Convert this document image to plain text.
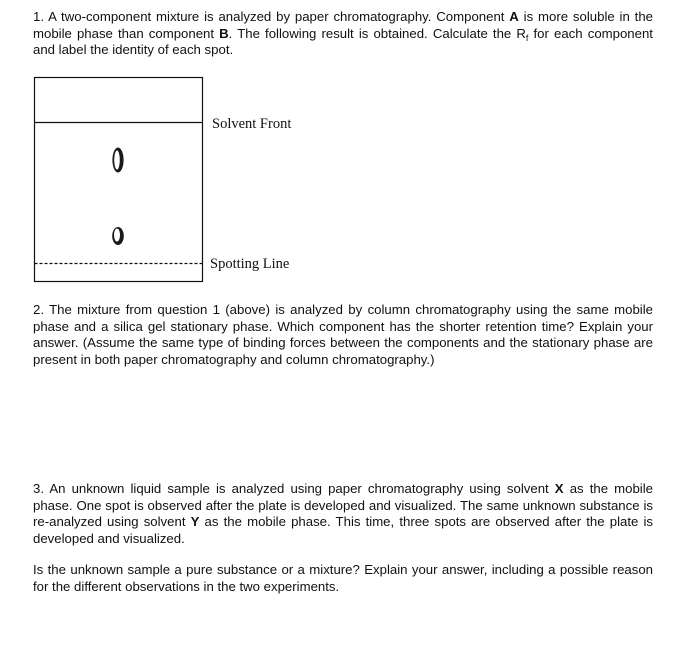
1. A two-component mixture is analyzed by paper chromatography. Component A is more soluble in the mobile phase than component B. The following result is obtained. Calculate the $R_f$ for each component and label the identity of each spot.

Solvent Front
Spotting Line

2. The mixture from question 1 (above) is analyzed by column chromatography using the same mobile phase and a silica gel stationary phase. Which component has the shorter retention time? Explain your answer. (Assume the same type of binding forces between the components and the stationary phase are present in both paper chromatography and column chromatography.)

3. An unknown liquid sample is analyzed using paper chromatography using solvent X as the mobile phase. One spot is observed after the plate is developed and visualized. The same unknown substance is re-analyzed using solvent Y as the mobile phase. This time, three spots are observed after the plate is developed and visualized.

Is the unknown sample a pure substance or a mixture? Explain your answer, including a possible reason for the different observations in the two experiments.
